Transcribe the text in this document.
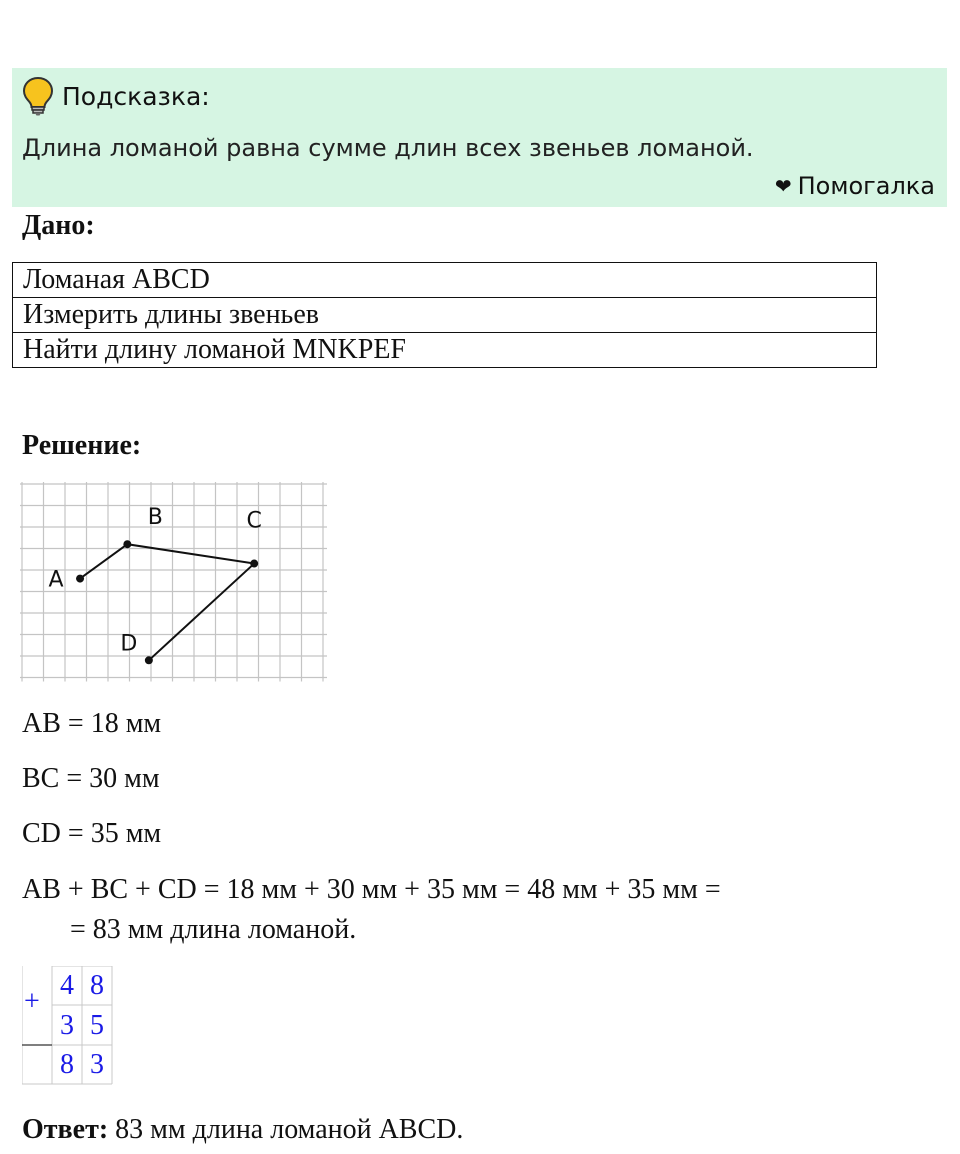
Подсказка:
Длина ломаной равна сумме длин всех звеньев ломаной.
❤ Помогалка
Дано:
Ломаная ABCD
Измерить длины звеньев
Найти длину ломаной MNKPEF
Решение:
A
B	C
D
AB = 18 мм
BC = 30 мм
CD = 35 мм
AB + BC + CD = 18 мм + 30 мм + 35 мм = 48 мм + 35 мм =
= 83 мм длина ломаной.
+
4 8
3 5
8 3
Ответ: 83 мм длина ломаной ABCD.
